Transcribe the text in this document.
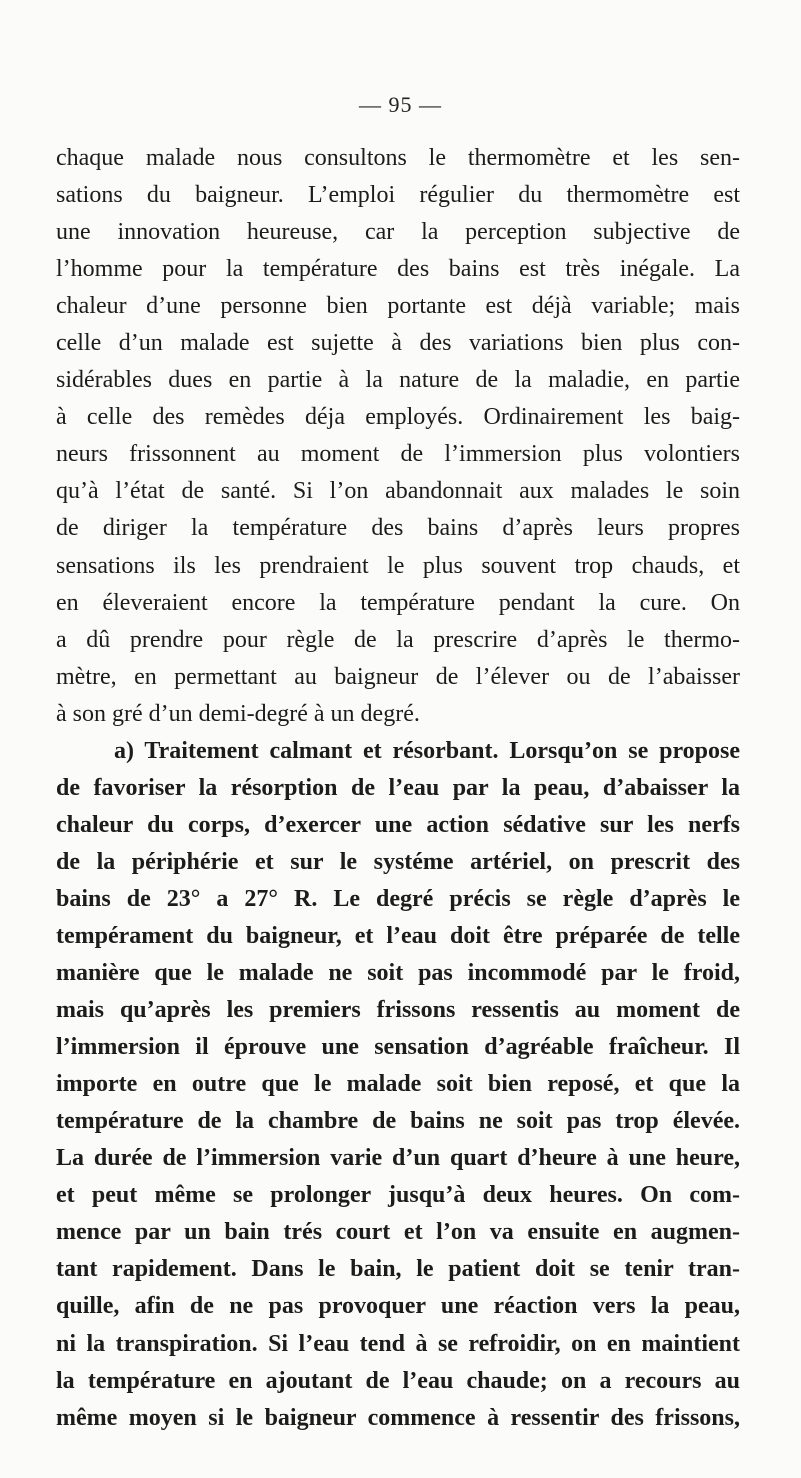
— 95 —
chaque malade nous consultons le thermomètre et les sen-
sations du baigneur. L’emploi régulier du thermomètre est
une innovation heureuse, car la perception subjective de
l’homme pour la température des bains est très inégale. La
chaleur d’une personne bien portante est déjà variable; mais
celle d’un malade est sujette à des variations bien plus con-
sidérables dues en partie à la nature de la maladie, en partie
à celle des remèdes déja employés. Ordinairement les baig-
neurs frissonnent au moment de l’immersion plus volontiers
qu’à l’état de santé. Si l’on abandonnait aux malades le soin
de diriger la température des bains d’après leurs propres
sensations ils les prendraient le plus souvent trop chauds, et
en éleveraient encore la température pendant la cure. On
a dû prendre pour règle de la prescrire d’après le thermo-
mètre, en permettant au baigneur de l’élever ou de l’abaisser
à son gré d’un demi-degré à un degré.
a) Traitement calmant et résorbant. Lorsqu’on se propose
de favoriser la résorption de l’eau par la peau, d’abaisser la
chaleur du corps, d’exercer une action sédative sur les nerfs
de la périphérie et sur le systéme artériel, on prescrit des
bains de 23° a 27° R. Le degré précis se règle d’après le
tempérament du baigneur, et l’eau doit être préparée de telle
manière que le malade ne soit pas incommodé par le froid,
mais qu’après les premiers frissons ressentis au moment de
l’immersion il éprouve une sensation d’agréable fraîcheur. Il
importe en outre que le malade soit bien reposé, et que la
température de la chambre de bains ne soit pas trop élevée.
La durée de l’immersion varie d’un quart d’heure à une heure,
et peut même se prolonger jusqu’à deux heures. On com-
mence par un bain trés court et l’on va ensuite en augmen-
tant rapidement. Dans le bain, le patient doit se tenir tran-
quille, afin de ne pas provoquer une réaction vers la peau,
ni la transpiration. Si l’eau tend à se refroidir, on en maintient
la température en ajoutant de l’eau chaude; on a recours au
même moyen si le baigneur commence à ressentir des frissons,
